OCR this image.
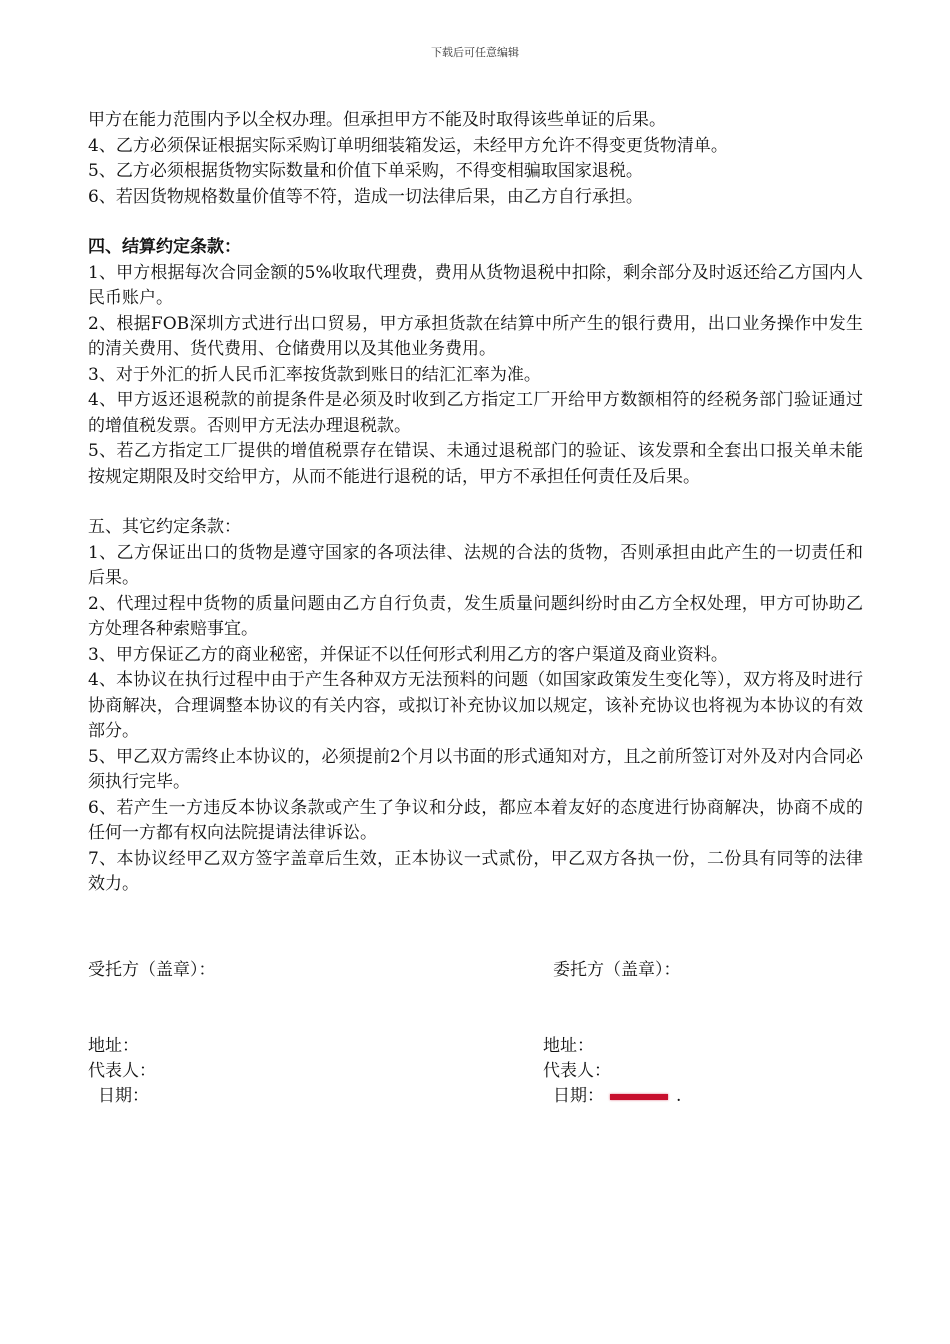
下载后可任意编辑

甲方在能力范围内予以全权办理。但承担甲方不能及时取得该些单证的后果。

4、乙方必须保证根据实际采购订单明细装箱发运，未经甲方允许不得变更货物清单。

5、乙方必须根据货物实际数量和价值下单采购，不得变相骗取国家退税。

6、若因货物规格数量价值等不符，造成一切法律后果，由乙方自行承担。

四、结算约定条款：

1、甲方根据每次合同金额的5%收取代理费，费用从货物退税中扣除，剩余部分及时返还给乙方国内人民币账户。

2、根据FOB深圳方式进行出口贸易，甲方承担货款在结算中所产生的银行费用，出口业务操作中发生的清关费用、货代费用、仓储费用以及其他业务费用。

3、对于外汇的折人民币汇率按货款到账日的结汇汇率为准。

4、甲方返还退税款的前提条件是必须及时收到乙方指定工厂开给甲方数额相符的经税务部门验证通过的增值税发票。否则甲方无法办理退税款。

5、若乙方指定工厂提供的增值税票存在错误、未通过退税部门的验证、该发票和全套出口报关单未能按规定期限及时交给甲方，从而不能进行退税的话，甲方不承担任何责任及后果。

五、其它约定条款：

1、乙方保证出口的货物是遵守国家的各项法律、法规的合法的货物，否则承担由此产生的一切责任和后果。

2、代理过程中货物的质量问题由乙方自行负责，发生质量问题纠纷时由乙方全权处理，甲方可协助乙方处理各种索赔事宜。

3、甲方保证乙方的商业秘密，并保证不以任何形式利用乙方的客户渠道及商业资料。

4、本协议在执行过程中由于产生各种双方无法预料的问题（如国家政策发生变化等），双方将及时进行协商解决，合理调整本协议的有关内容，或拟订补充协议加以规定，该补充协议也将视为本协议的有效部分。

5、甲乙双方需终止本协议的，必须提前2个月以书面的形式通知对方，且之前所签订对外及对内合同必须执行完毕。

6、若产生一方违反本协议条款或产生了争议和分歧，都应本着友好的态度进行协商解决，协商不成的任何一方都有权向法院提请法律诉讼。

7、本协议经甲乙双方签字盖章后生效，正本协议一式贰份，甲乙双方各执一份，二份具有同等的法律效力。

受托方（盖章）：	委托方（盖章）：
地址：
代表人：
日期：
地址：
代表人：
日期：	.
